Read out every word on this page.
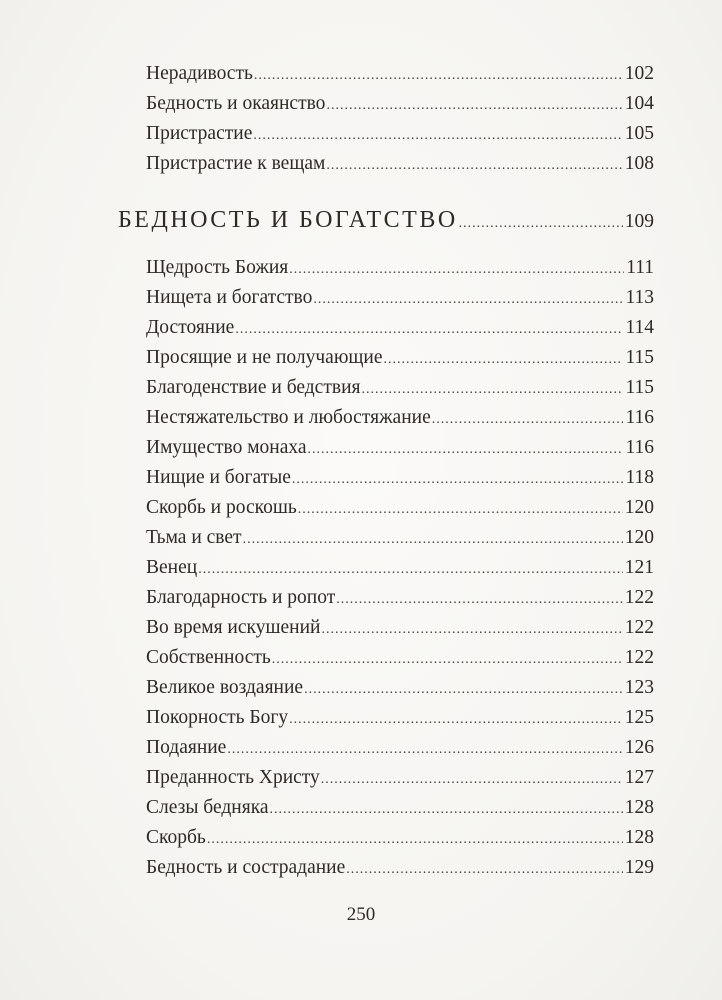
Нерадивость .....	102
Бедность и окаянство .....	104
Пристрастие .....	105
Пристрастие к вещам .....	108
БЕДНОСТЬ И БОГАТСТВО .....	109
Щедрость Божия .....	111
Нищета и богатство .....	113
Достояние .....	114
Просящие и не получающие .....	115
Благоденствие и бедствия .....	115
Нестяжательство и любостяжание .....	116
Имущество монаха .....	116
Нищие и богатые .....	118
Скорбь и роскошь .....	120
Тьма и свет .....	120
Венец .....	121
Благодарность и ропот .....	122
Во время искушений .....	122
Собственность .....	122
Великое воздаяние .....	123
Покорность Богу .....	125
Подаяние .....	126
Преданность Христу .....	127
Слезы бедняка .....	128
Скорбь .....	128
Бедность и сострадание .....	129
250
